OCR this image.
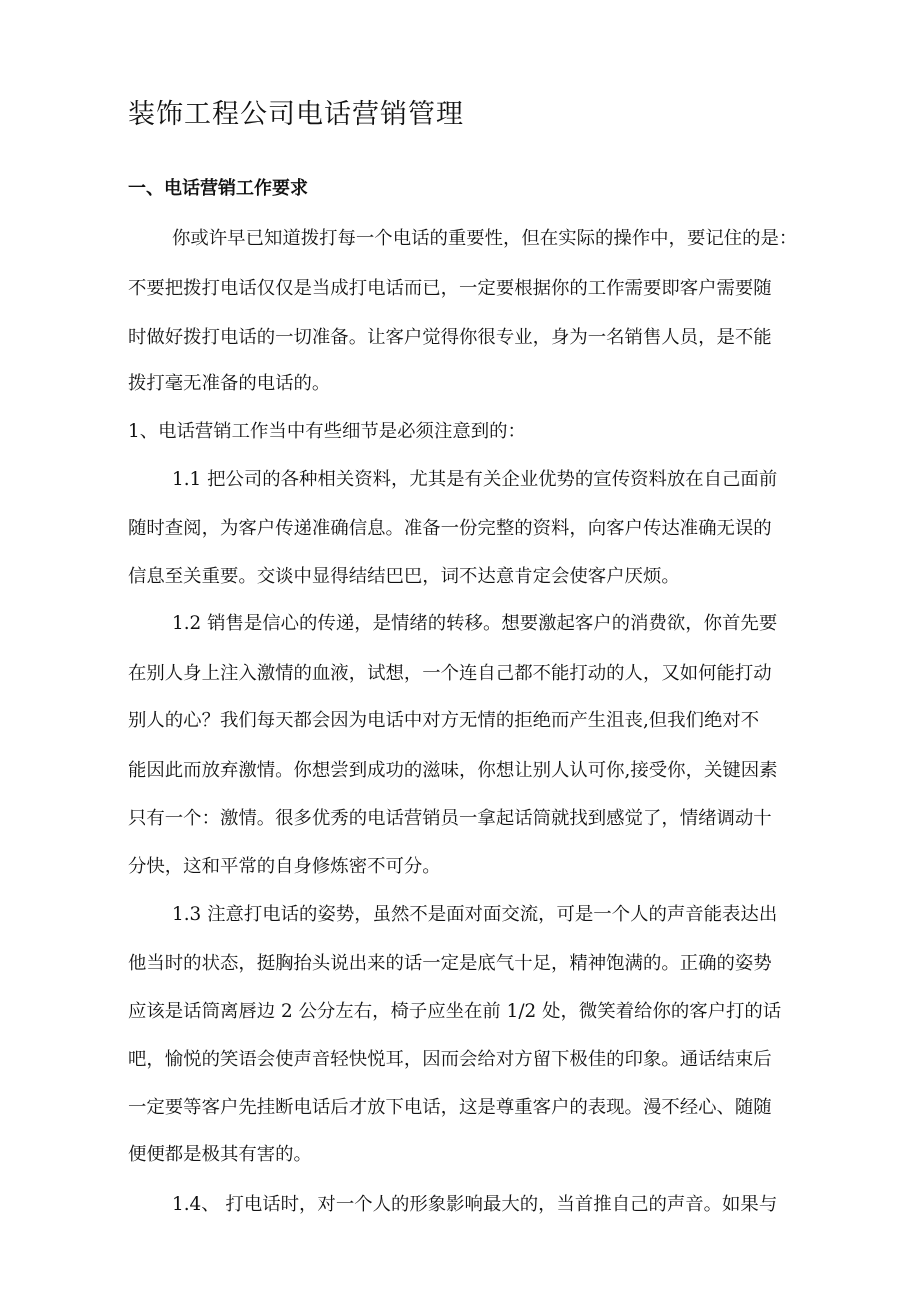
装饰工程公司电话营销管理
一、电话营销工作要求
你或许早已知道拨打每一个电话的重要性，但在实际的操作中，要记住的是：
不要把拨打电话仅仅是当成打电话而已，一定要根据你的工作需要即客户需要随
时做好拨打电话的一切准备。让客户觉得你很专业，身为一名销售人员，是不能
拨打毫无准备的电话的。
1、电话营销工作当中有些细节是必须注意到的：
1.1 把公司的各种相关资料，尤其是有关企业优势的宣传资料放在自己面前
随时查阅，为客户传递准确信息。准备一份完整的资料，向客户传达准确无误的
信息至关重要。交谈中显得结结巴巴，词不达意肯定会使客户厌烦。
1.2 销售是信心的传递，是情绪的转移。想要激起客户的消费欲，你首先要
在别人身上注入激情的血液，试想，一个连自己都不能打动的人，又如何能打动
别人的心？我们每天都会因为电话中对方无情的拒绝而产生沮丧,但我们绝对不
能因此而放弃激情。你想尝到成功的滋味，你想让别人认可你,接受你，关键因素
只有一个：激情。很多优秀的电话营销员一拿起话筒就找到感觉了，情绪调动十
分快，这和平常的自身修炼密不可分。
1.3 注意打电话的姿势，虽然不是面对面交流，可是一个人的声音能表达出
他当时的状态，挺胸抬头说出来的话一定是底气十足，精神饱满的。正确的姿势
应该是话筒离唇边 2 公分左右，椅子应坐在前 1/2 处，微笑着给你的客户打的话
吧，愉悦的笑语会使声音轻快悦耳，因而会给对方留下极佳的印象。通话结束后
一定要等客户先挂断电话后才放下电话，这是尊重客户的表现。漫不经心、随随
便便都是极其有害的。
1.4、 打电话时，对一个人的形象影响最大的，当首推自己的声音。如果与
